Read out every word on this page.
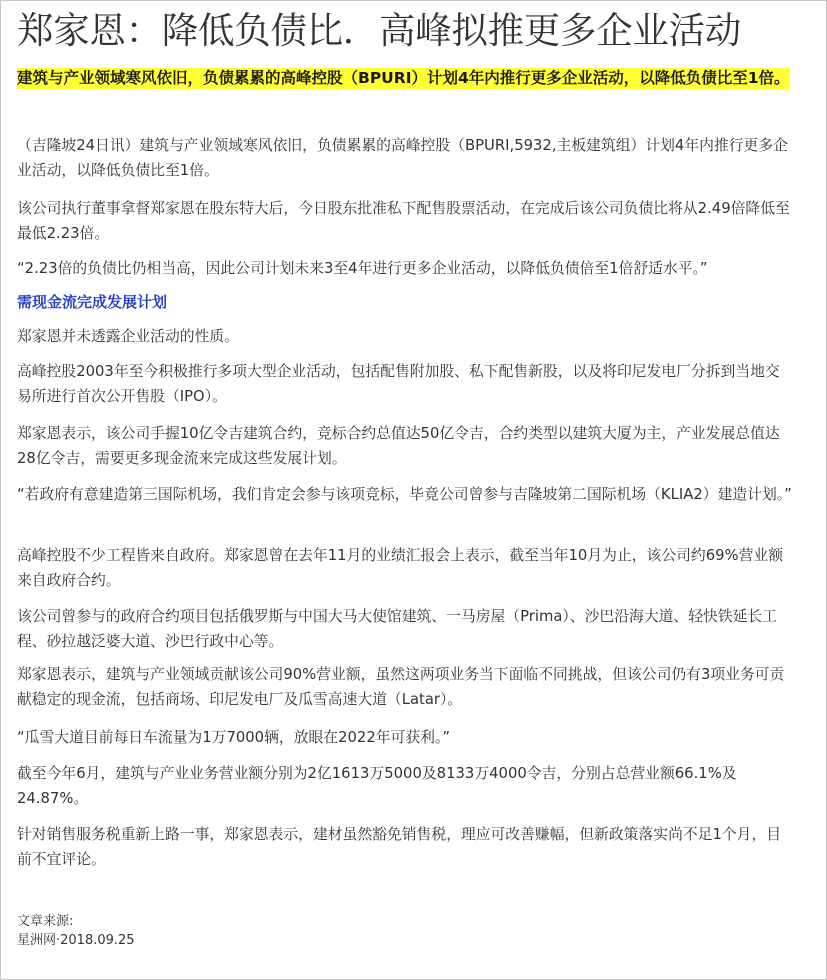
郑家恩：降低负债比．高峰拟推更多企业活动

建筑与产业领域寒风依旧，负债累累的高峰控股（BPURI）计划4年内推行更多企业活动，以降低负债比至1倍。

（吉隆坡24日讯）建筑与产业领域寒风依旧，负债累累的高峰控股（BPURI,5932,主板建筑组）计划4年内推行更多企业活动，以降低负债比至1倍。

该公司执行董事拿督郑家恩在股东特大后，今日股东批准私下配售股票活动，在完成后该公司负债比将从2.49倍降低至最低2.23倍。

“2.23倍的负债比仍相当高，因此公司计划未来3至4年进行更多企业活动，以降低负债倍至1倍舒适水平。”

需现金流完成发展计划

郑家恩并未透露企业活动的性质。

高峰控股2003年至今积极推行多项大型企业活动，包括配售附加股、私下配售新股，以及将印尼发电厂分拆到当地交易所进行首次公开售股（IPO）。

郑家恩表示，该公司手握10亿令吉建筑合约，竞标合约总值达50亿令吉，合约类型以建筑大厦为主，产业发展总值达28亿令吉，需要更多现金流来完成这些发展计划。

“若政府有意建造第三国际机场，我们肯定会参与该项竞标，毕竟公司曾参与吉隆坡第二国际机场（KLIA2）建造计划。”

高峰控股不少工程皆来自政府。郑家恩曾在去年11月的业绩汇报会上表示，截至当年10月为止，该公司约69%营业额来自政府合约。

该公司曾参与的政府合约项目包括俄罗斯与中国大马大使馆建筑、一马房屋（Prima）、沙巴沿海大道、轻快铁延长工程、砂拉越泛婆大道、沙巴行政中心等。

郑家恩表示，建筑与产业领域贡献该公司90%营业额，虽然这两项业务当下面临不同挑战，但该公司仍有3项业务可贡献稳定的现金流，包括商场、印尼发电厂及瓜雪高速大道（Latar）。

“瓜雪大道目前每日车流量为1万7000辆，放眼在2022年可获利。”

截至今年6月，建筑与产业业务营业额分别为2亿1613万5000及8133万4000令吉，分别占总营业额66.1%及24.87%。

针对销售服务税重新上路一事，郑家恩表示，建材虽然豁免销售税，理应可改善赚幅，但新政策落实尚不足1个月，目前不宜评论。

文章来源:
星洲网·2018.09.25
